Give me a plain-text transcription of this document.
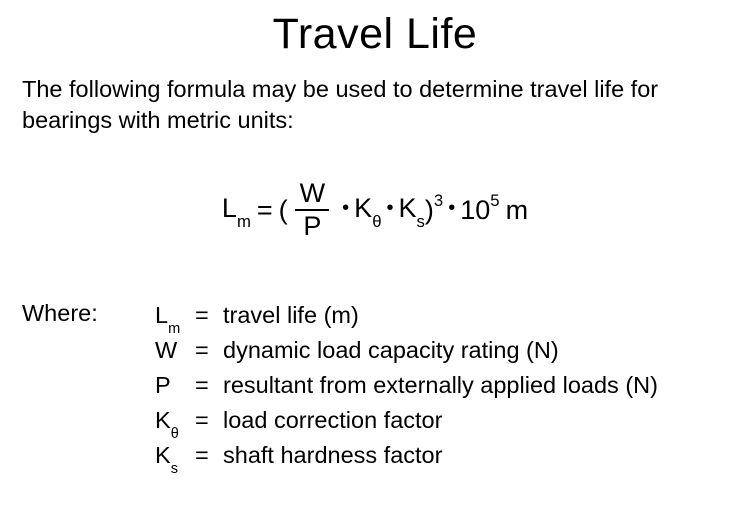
Travel Life
The following formula may be used to determine travel life for bearings with metric units:
$L_m$ = ( $\frac{W}{P}$ • $K_\theta$
• $K_s$ ) 3 • 10 5 m
Where: $L_m$
= travel life (m)
W = dynamic load capacity rating (N)
P	= resultant from externally applied loads (N)
$K_\theta$
= load correction factor
$K_s$
= shaft hardness factor
